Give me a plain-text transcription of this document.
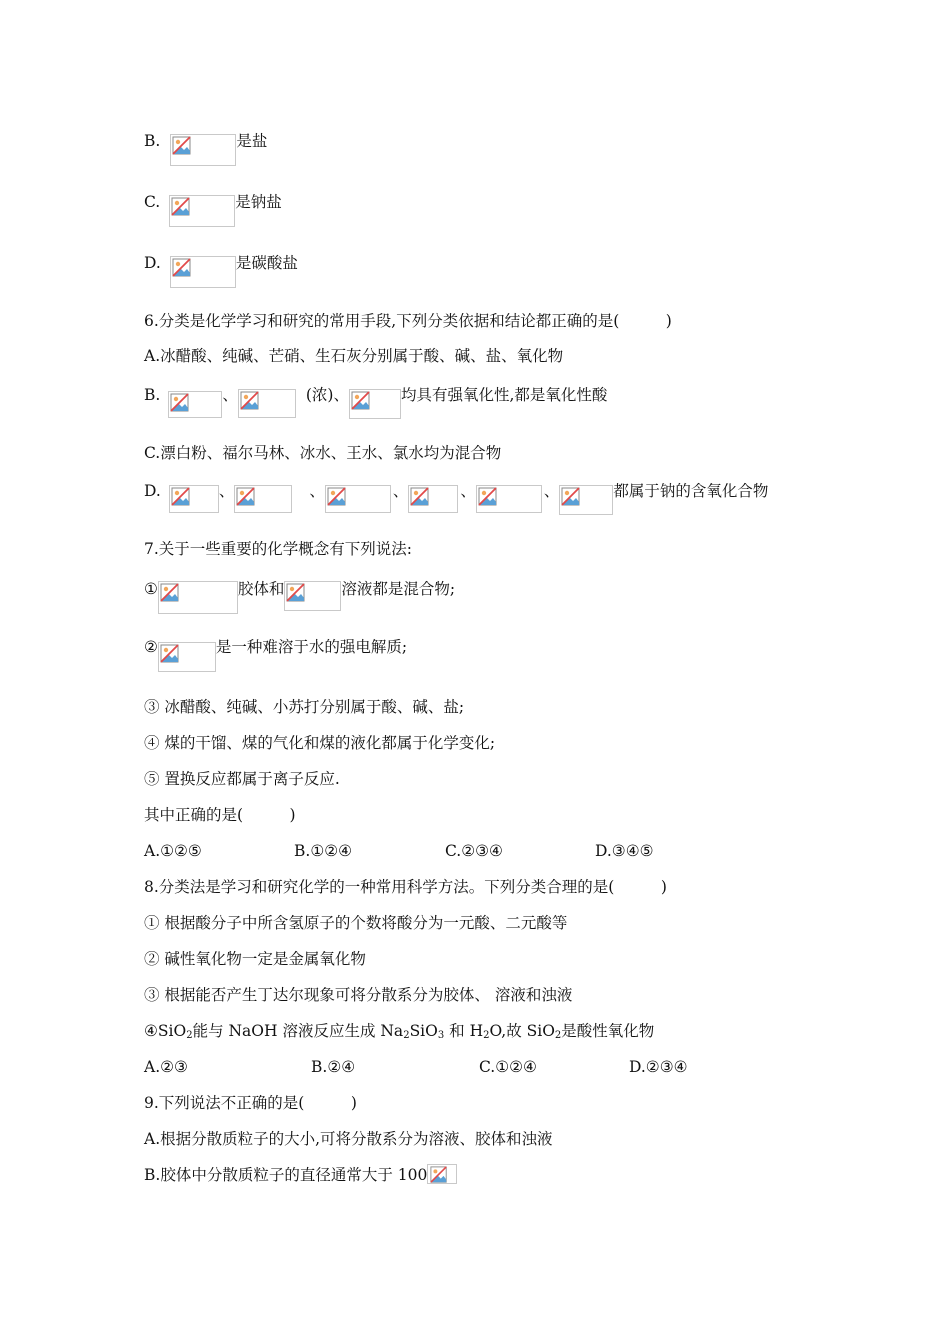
B.	是盐
C.	是钠盐
D.	是碳酸盐
6.分类是化学学习和研究的常用手段,下列分类依据和结论都正确的是(　　　)
A.冰醋酸、纯碱、芒硝、生石灰分别属于酸、碱、盐、氧化物
B.	、	(浓)、	均具有强氧化性,都是氧化性酸
C.漂白粉、福尔马林、冰水、王水、氯水均为混合物
D.	、	、	、	、	、	都属于钠的含氧化合物
7.关于一些重要的化学概念有下列说法:
①	胶体和	溶液都是混合物;
②	是一种难溶于水的强电解质;
③ 冰醋酸、纯碱、小苏打分别属于酸、碱、盐;
④ 煤的干馏、煤的气化和煤的液化都属于化学变化;
⑤ 置换反应都属于离子反应.
其中正确的是(　　　)
A.①②⑤	B.①②④	C.②③④	D.③④⑤
8.分类法是学习和研究化学的一种常用科学方法。下列分类合理的是(　　　)
① 根据酸分子中所含氢原子的个数将酸分为一元酸、二元酸等
② 碱性氧化物一定是金属氧化物
③ 根据能否产生丁达尔现象可将分散系分为胶体、 溶液和浊液
④SiO$_2$能与 NaOH 溶液反应生成 $Na_2SiO_3$ 和 $H_2O$,故 SiO$_2$是酸性氧化物
A.②③	B.②④	C.①②④	D.②③④
9.下列说法不正确的是(　　　)
A.根据分散质粒子的大小,可将分散系分为溶液、胶体和浊液
B.胶体中分散质粒子的直径通常大于 100
